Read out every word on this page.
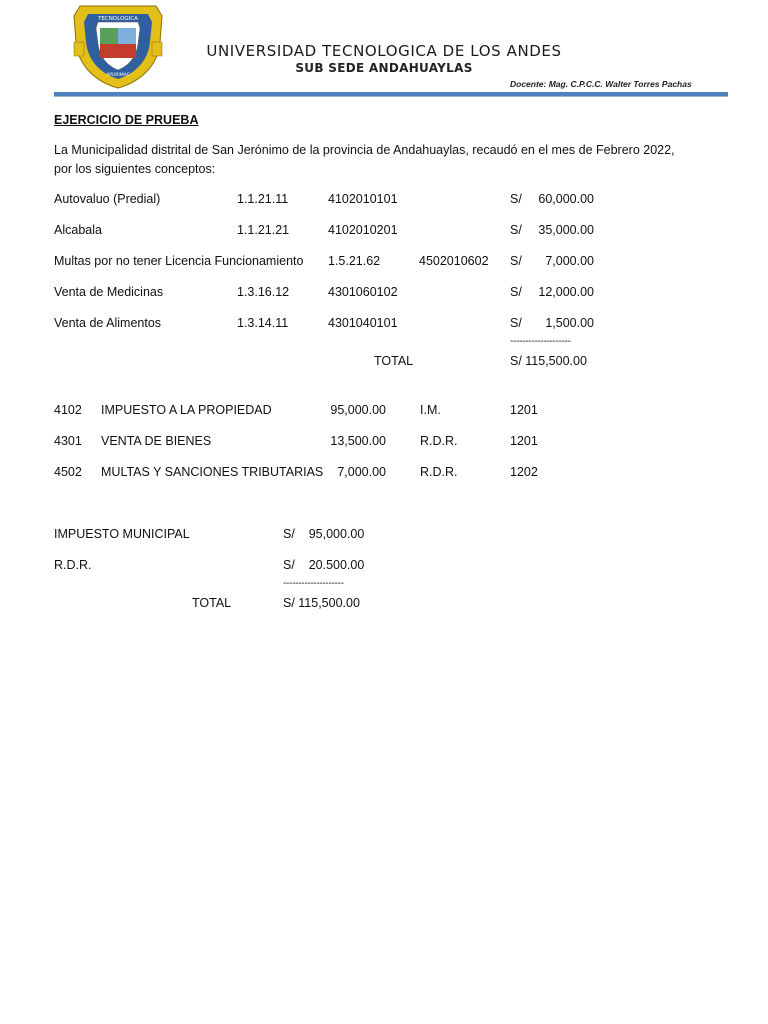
TECNOLOGICA
APURIMAC
UNIVERSIDAD TECNOLOGICA DE LOS ANDES
SUB SEDE ANDAHUAYLAS
Docente: Mag. C.P.C.C. Walter Torres Pachas
EJERCICIO DE PRUEBA
La Municipalidad distrital de San Jerónimo de la provincia de Andahuaylas, recaudó en el mes de Febrero 2022,
por los siguientes conceptos:
Autovaluo (Predial)	1.1.21.11	4102010101	S/ 60,000.00
Alcabala	1.1.21.21	4102010201	S/ 35,000.00
Multas por no tener Licencia Funcionamiento 1.5.21.62	4502010602 S/ 7,000.00
Venta de Medicinas	1.3.16.12	4301060102	S/ 12,000.00
Venta de Alimentos	1.3.14.11	4301040101	S/ 1,500.00
--------------------
TOTAL	S/ 115,500.00
4102 IMPUESTO A LA PROPIEDAD	95,000.00	I.M.	1201
4301 VENTA DE BIENES	13,500.00	R.D.R.	1201
4502 MULTAS Y SANCIONES TRIBUTARIAS 7,000.00	R.D.R.	1202
IMPUESTO MUNICIPAL	S/    95,000.00
R.D.R.	S/    20.500.00
--------------------
TOTAL	S/ 115,500.00
